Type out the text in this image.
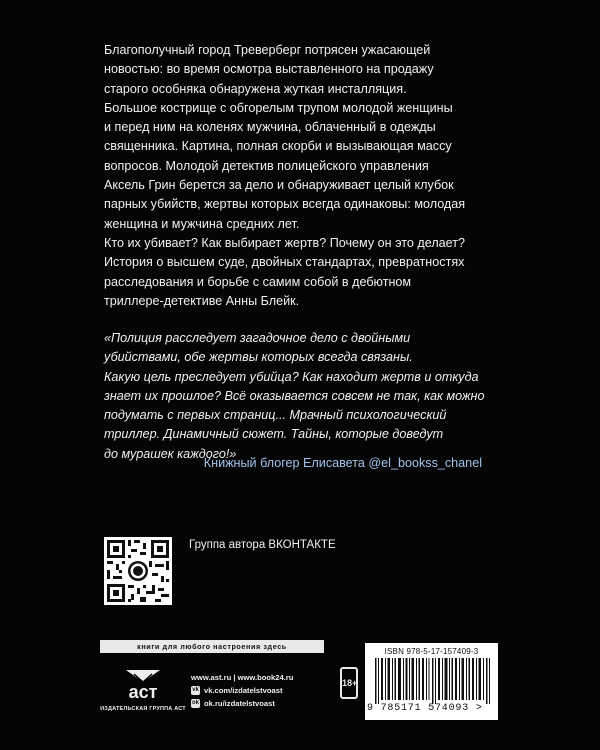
Благополучный город Треверберг потрясен ужасающей

новостью: во время осмотра выставленного на продажу

старого особняка обнаружена жуткая инсталляция.

Большое кострище с обгорелым трупом молодой женщины

и перед ним на коленях мужчина, облаченный в одежды

священника. Картина, полная скорби и вызывающая массу

вопросов. Молодой детектив полицейского управления

Аксель Грин берется за дело и обнаруживает целый клубок

парных убийств, жертвы которых всегда одинаковы: молодая

женщина и мужчина средних лет.

Кто их убивает? Как выбирает жертв? Почему он это делает?

История о высшем суде, двойных стандартах, превратностях

расследования и борьбе с самим собой в дебютном

триллере-детективе Анны Блейк.

«Полиция расследует загадочное дело с двойными

убийствами, обе жертвы которых всегда связаны.

Какую цель преследует убийца? Как находит жертв и откуда

знает их прошлое? Всё оказывается совсем не так, как можно

подумать с первых страниц... Мрачный психологический

триллер. Динамичный сюжет. Тайны, которые доведут

до мурашек каждого!»

Книжный блогер Елисавета @el_bookss_chanel
Группа автора ВКОНТАКТЕ
книги для любого настроения здесь
аст
ИЗДАТЕЛЬСКАЯ ГРУППА АСТ
www.ast.ru | www.book24.ru
vk vk.com/izdatelstvoast
ok ok.ru/izdatelstvoast
18+
ISBN 978-5-17-157409-3
9 785171 574093 >
